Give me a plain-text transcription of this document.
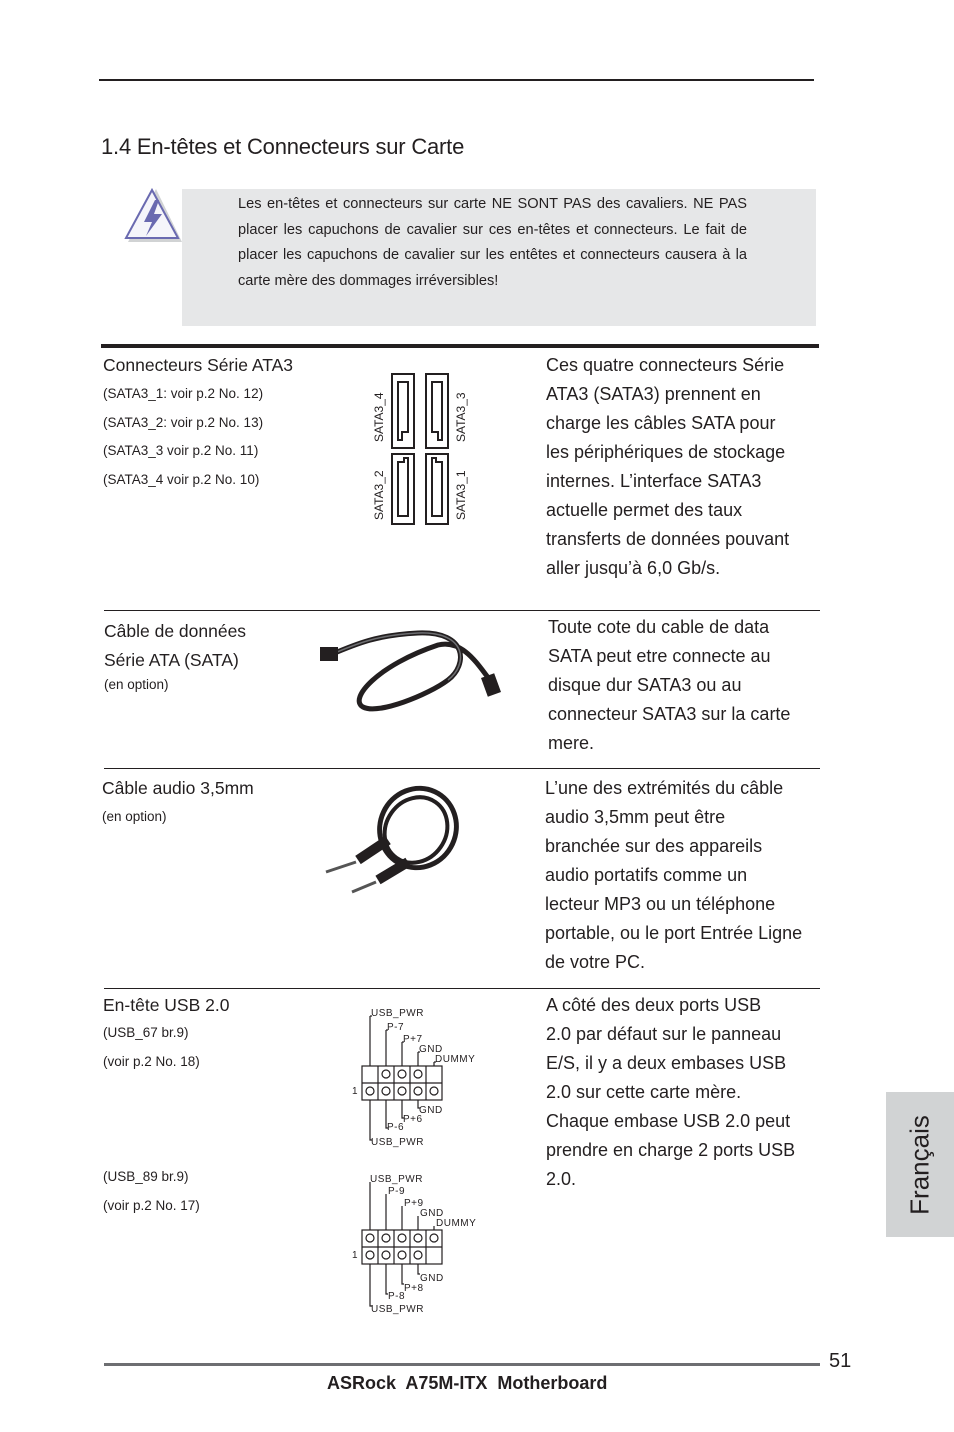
1.4 En-têtes et Connecteurs sur Carte
Les en-têtes et connecteurs sur carte NE SONT PAS des cavaliers. NE PAS placer les capuchons de cavalier sur ces en-têtes et connecteurs. Le fait de placer les capuchons de cavalier sur les entêtes et connecteurs causera à la carte mère des dommages irréversibles!
Connecteurs Série ATA3
(SATA3_1: voir p.2 No. 12)
(SATA3_2: voir p.2 No. 13)
(SATA3_3 voir p.2 No. 11)
(SATA3_4 voir p.2 No. 10)
SATA3_4	SATA3_3
SATA3_2	SATA3_1
Ces quatre connecteurs Série
ATA3 (SATA3) prennent en
charge les câbles SATA pour
les périphériques de stockage
internes. L’interface SATA3
actuelle permet des taux
transferts de données pouvant
aller jusqu’à 6,0 Gb/s.
Câble de données
Série ATA (SATA)
(en option)
Toute cote du cable de data
SATA peut etre connecte au
disque dur SATA3 ou au
connecteur SATA3 sur la carte
mere.
Câble audio 3,5mm
(en option)
L’une des extrémités du câble
audio 3,5mm peut être
branchée sur des appareils
audio portatifs comme un
lecteur MP3 ou un téléphone
portable, ou le port Entrée Ligne
de votre PC.
En-tête USB 2.0
(USB_67 br.9)
(voir p.2 No. 18)
(USB_89 br.9)
(voir p.2 No. 17)
USB_PWR
P-7
P+7
GND
DUMMY
GND
P+6
P-6
USB_PWR
1
USB_PWR
P-9
P+9
GND
DUMMY
GND
P+8
P-8
USB_PWR
1
A côté des deux ports USB
2.0 par défaut sur le panneau
E/S, il y a deux embases USB
2.0 sur cette carte mère.
Chaque embase USB 2.0 peut
prendre en charge 2 ports USB
2.0.	Français
51
ASRock  A75M-ITX  Motherboard
